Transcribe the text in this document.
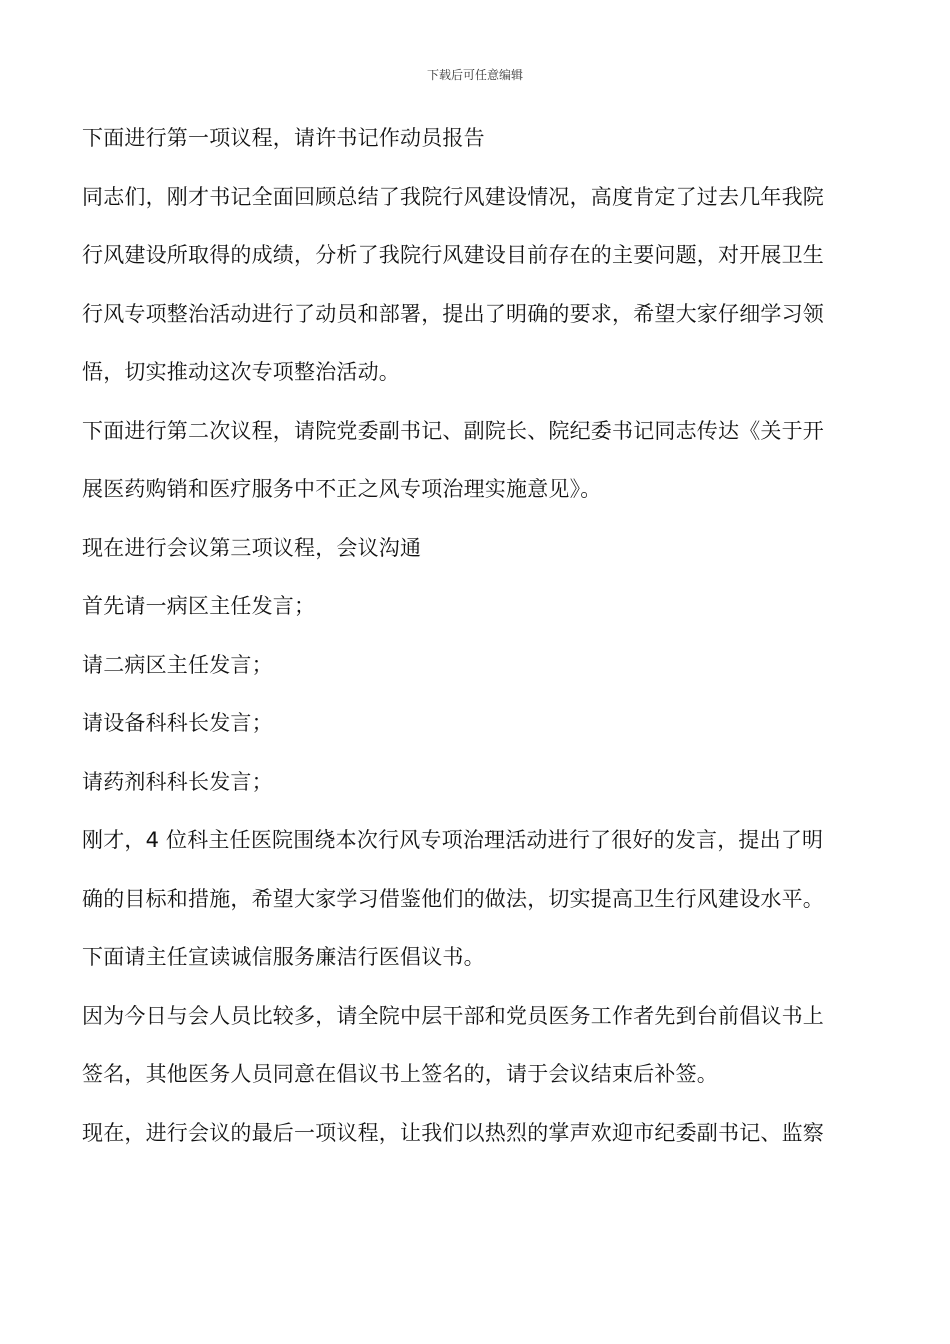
下载后可任意编辑

下面进行第一项议程，请许书记作动员报告

同志们，刚才书记全面回顾总结了我院行风建设情况，高度肯定了过去几年我院

行风建设所取得的成绩，分析了我院行风建设目前存在的主要问题，对开展卫生

行风专项整治活动进行了动员和部署，提出了明确的要求，希望大家仔细学习领

悟，切实推动这次专项整治活动。

下面进行第二次议程，请院党委副书记、副院长、院纪委书记同志传达《关于开

展医药购销和医疗服务中不正之风专项治理实施意见》。

现在进行会议第三项议程，会议沟通

首先请一病区主任发言；

请二病区主任发言；

请设备科科长发言；

请药剂科科长发言；

刚才，4 位科主任医院围绕本次行风专项治理活动进行了很好的发言，提出了明

确的目标和措施，希望大家学习借鉴他们的做法，切实提高卫生行风建设水平。

下面请主任宣读诚信服务廉洁行医倡议书。

因为今日与会人员比较多，请全院中层干部和党员医务工作者先到台前倡议书上

签名，其他医务人员同意在倡议书上签名的，请于会议结束后补签。

现在，进行会议的最后一项议程，让我们以热烈的掌声欢迎市纪委副书记、监察
